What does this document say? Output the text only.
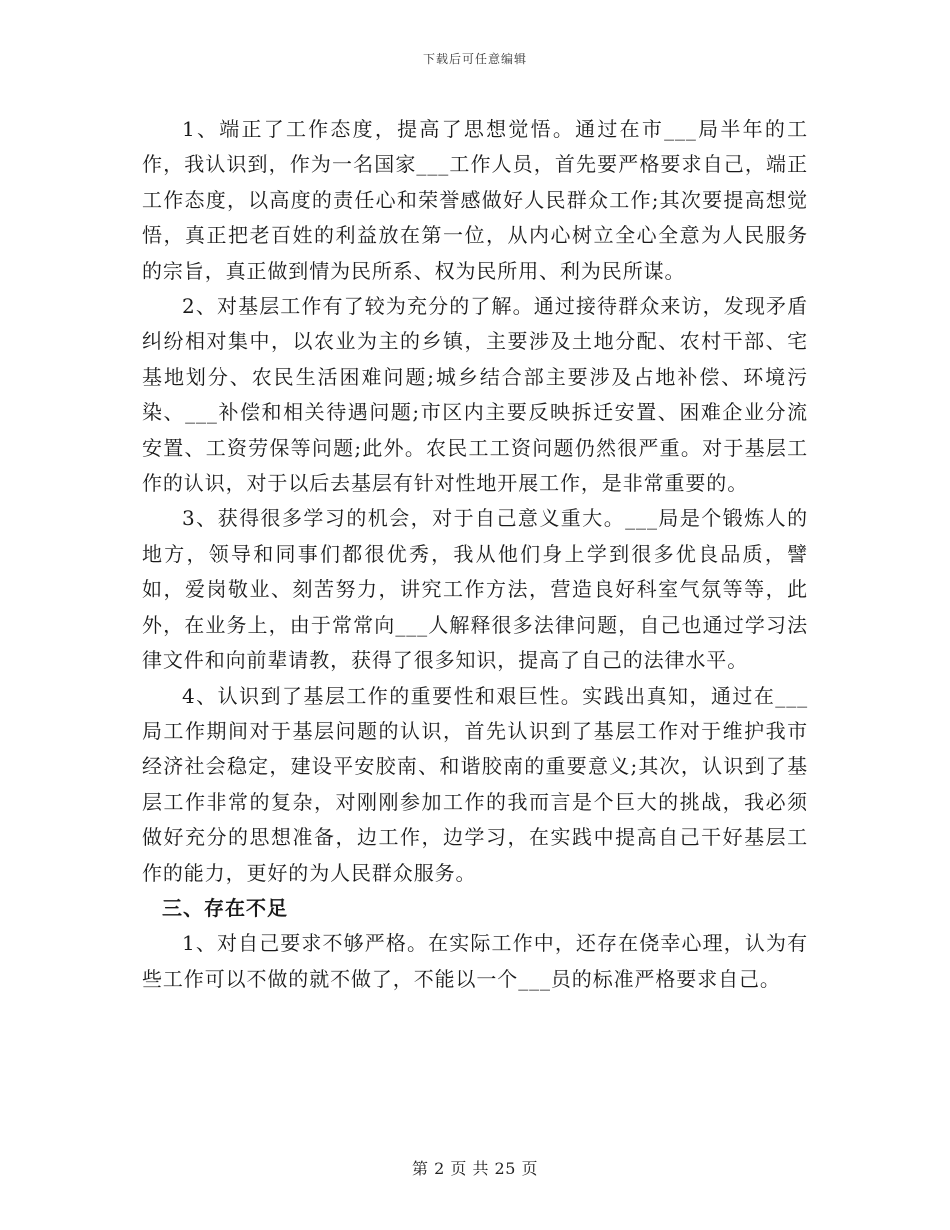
下载后可任意编辑

1、端正了工作态度，提高了思想觉悟。通过在市___局半年的工作，我认识到，作为一名国家___工作人员，首先要严格要求自己，端正工作态度，以高度的责任心和荣誉感做好人民群众工作;其次要提高想觉悟，真正把老百姓的利益放在第一位，从内心树立全心全意为人民服务的宗旨，真正做到情为民所系、权为民所用、利为民所谋。

2、对基层工作有了较为充分的了解。通过接待群众来访，发现矛盾纠纷相对集中，以农业为主的乡镇，主要涉及土地分配、农村干部、宅基地划分、农民生活困难问题;城乡结合部主要涉及占地补偿、环境污染、___补偿和相关待遇问题;市区内主要反映拆迁安置、困难企业分流安置、工资劳保等问题;此外。农民工工资问题仍然很严重。对于基层工作的认识，对于以后去基层有针对性地开展工作，是非常重要的。

3、获得很多学习的机会，对于自己意义重大。___局是个锻炼人的地方，领导和同事们都很优秀，我从他们身上学到很多优良品质，譬如，爱岗敬业、刻苦努力，讲究工作方法，营造良好科室气氛等等，此外，在业务上，由于常常向___人解释很多法律问题，自己也通过学习法律文件和向前辈请教，获得了很多知识，提高了自己的法律水平。

4、认识到了基层工作的重要性和艰巨性。实践出真知，通过在___局工作期间对于基层问题的认识，首先认识到了基层工作对于维护我市经济社会稳定，建设平安胶南、和谐胶南的重要意义;其次，认识到了基层工作非常的复杂，对刚刚参加工作的我而言是个巨大的挑战，我必须做好充分的思想准备，边工作，边学习，在实践中提高自己干好基层工作的能力，更好的为人民群众服务。

三、存在不足

1、对自己要求不够严格。在实际工作中，还存在侥幸心理，认为有些工作可以不做的就不做了，不能以一个___员的标准严格要求自己。

第 2 页 共 25 页
